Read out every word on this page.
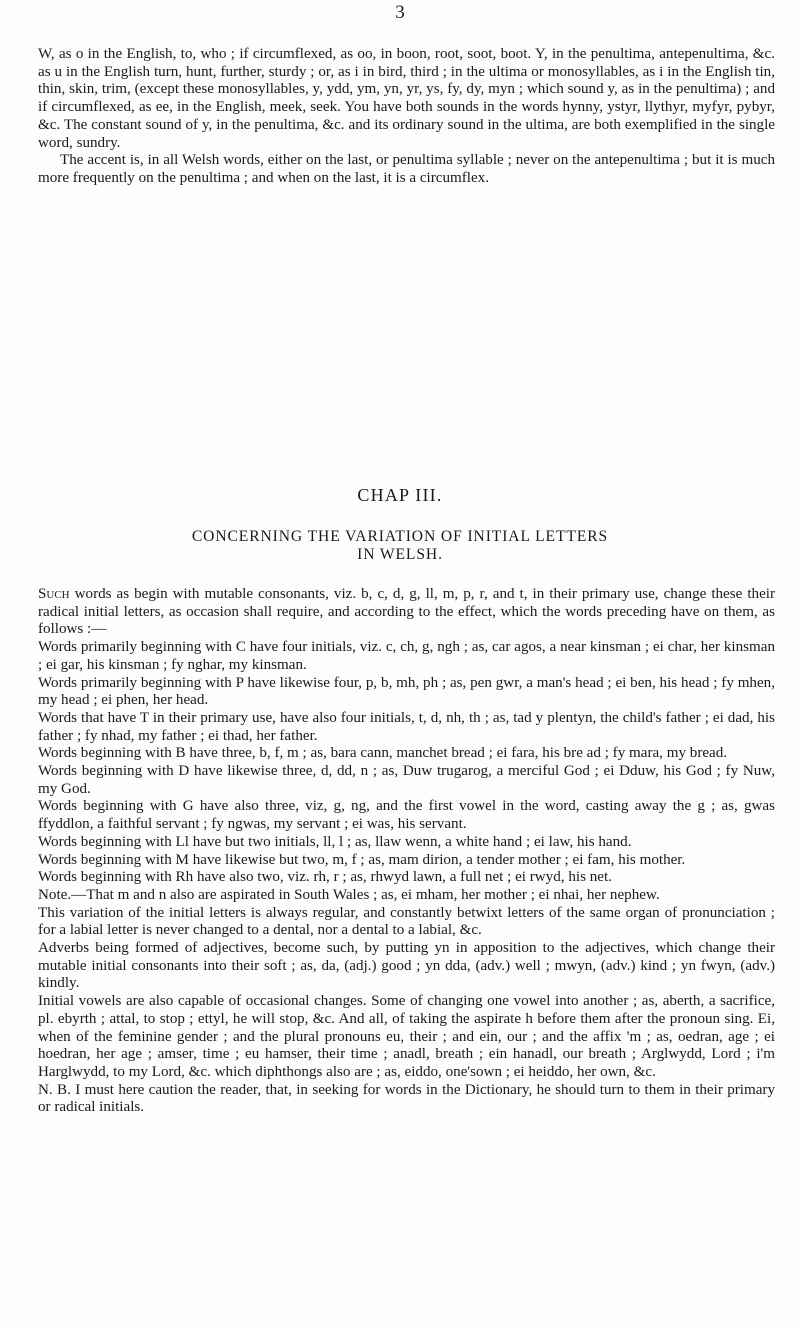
3

W, as o in the English, to, who ; if circumflexed, as oo, in boon, root, soot, boot. Y, in the penultima, antepenultima, &c. as u in the English turn, hunt, further, sturdy ; or, as i in bird, third ; in the ultima or monosyllables, as i in the English tin, thin, skin, trim, (except these monosyllables, y, ydd, ym, yn, yr, ys, fy, dy, myn ; which sound y, as in the penultima) ; and if circumflexed, as ee, in the English, meek, seek. You have both sounds in the words hynny, ystyr, llythyr, myfyr, pybyr, &c. The constant sound of y, in the penultima, &c. and its ordinary sound in the ultima, are both exemplified in the single word, sundry.

The accent is, in all Welsh words, either on the last, or penultima syllable ; never on the antepenultima ; but it is much more frequently on the penultima ; and when on the last, it is a circumflex.

CHAP III.
CONCERNING THE VARIATION OF INITIAL LETTERS
IN WELSH.

Such words as begin with mutable consonants, viz. b, c, d, g, ll, m, p, r, and t, in their primary use, change these their radical initial letters, as occasion shall require, and according to the effect, which the words preceding have on them, as follows :—

Words primarily beginning with C have four initials, viz. c, ch, g, ngh ; as, car agos, a near kinsman ; ei char, her kinsman ; ei gar, his kinsman ; fy nghar, my kinsman.

Words primarily beginning with P have likewise four, p, b, mh, ph ; as, pen gwr, a man's head ; ei ben, his head ; fy mhen, my head ; ei phen, her head.

Words that have T in their primary use, have also four initials, t, d, nh, th ; as, tad y plentyn, the child's father ; ei dad, his father ; fy nhad, my father ; ei thad, her father.

Words beginning with B have three, b, f, m ; as, bara cann, manchet bread ; ei fara, his bre ad ; fy mara, my bread.

Words beginning with D have likewise three, d, dd, n ; as, Duw trugarog, a merciful God ; ei Dduw, his God ; fy Nuw, my God.

Words beginning with G have also three, viz, g, ng, and the first vowel in the word, casting away the g ; as, gwas ffyddlon, a faithful servant ; fy ngwas, my servant ; ei was, his servant.

Words beginning with Ll have but two initials, ll, l ; as, llaw wenn, a white hand ; ei law, his hand.

Words beginning with M have likewise but two, m, f ; as, mam dirion, a tender mother ; ei fam, his mother.

Words beginning with Rh have also two, viz. rh, r ; as, rhwyd lawn, a full net ; ei rwyd, his net.

Note.—That m and n also are aspirated in South Wales ; as, ei mham, her mother ; ei nhai, her nephew.

This variation of the initial letters is always regular, and constantly betwixt letters of the same organ of pronunciation ; for a labial letter is never changed to a dental, nor a dental to a labial, &c.

Adverbs being formed of adjectives, become such, by putting yn in apposition to the adjectives, which change their mutable initial consonants into their soft ; as, da, (adj.) good ; yn dda, (adv.) well ; mwyn, (adv.) kind ; yn fwyn, (adv.) kindly.

Initial vowels are also capable of occasional changes. Some of changing one vowel into another ; as, aberth, a sacrifice, pl. ebyrth ; attal, to stop ; ettyl, he will stop, &c. And all, of taking the aspirate h before them after the pronoun sing. Ei, when of the feminine gender ; and the plural pronouns eu, their ; and ein, our ; and the affix 'm ; as, oedran, age ; ei hoedran, her age ; amser, time ; eu hamser, their time ; anadl, breath ; ein hanadl, our breath ; Arglwydd, Lord ; i'm Harglwydd, to my Lord, &c. which diphthongs also are ; as, eiddo, one'sown ; ei heiddo, her own, &c.

N. B. I must here caution the reader, that, in seeking for words in the Dictionary, he should turn to them in their primary or radical initials.
